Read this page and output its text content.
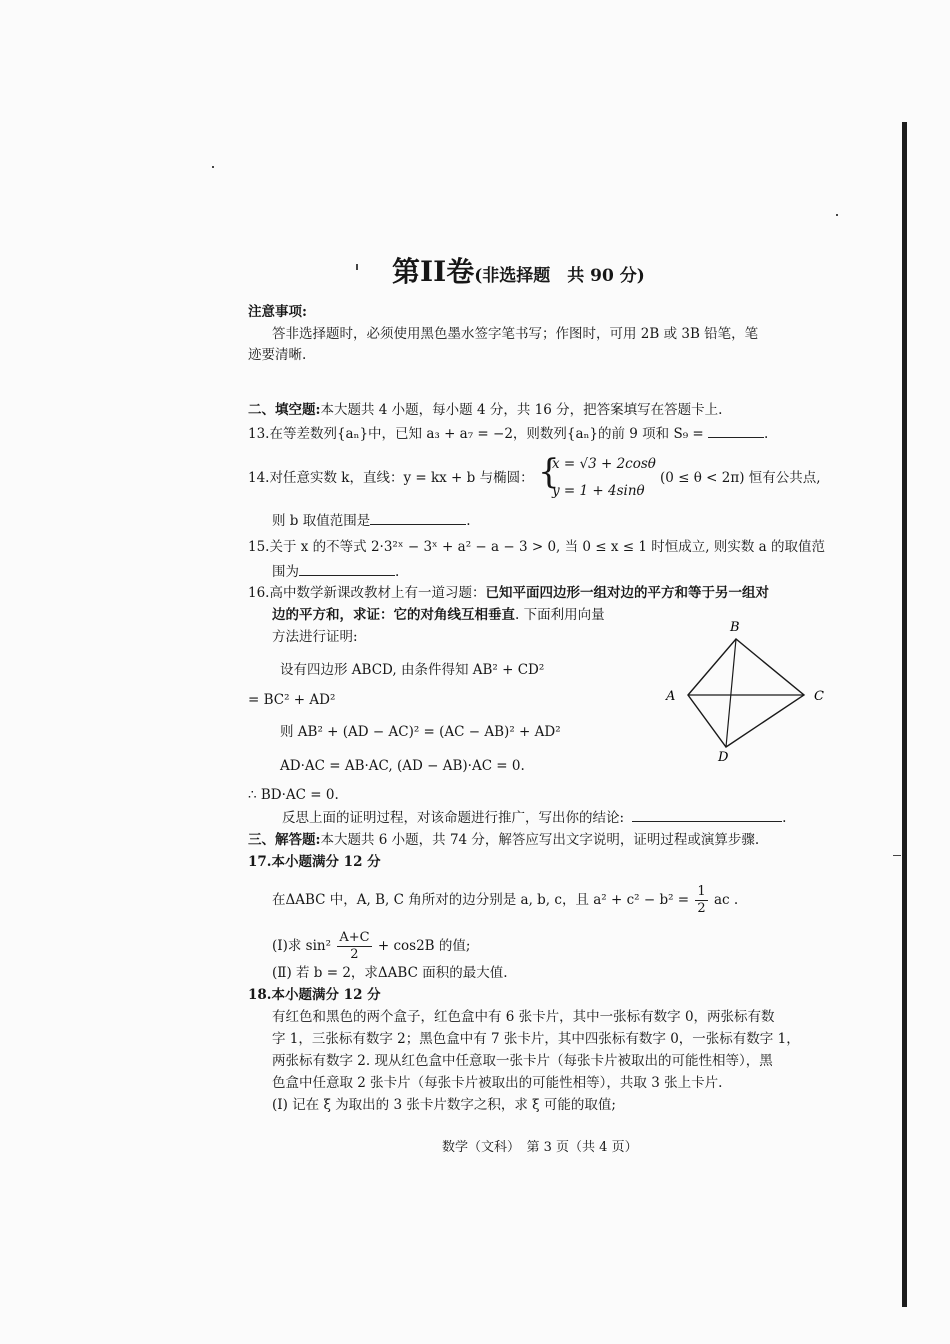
第II卷(非选择题　共 90 分)
注意事项:
答非选择题时，必须使用黑色墨水签字笔书写；作图时，可用 2B 或 3B 铅笔，笔
迹要清晰.
二、填空题:本大题共 4 小题，每小题 4 分，共 16 分，把答案填写在答题卡上.
13.在等差数列{aₙ}中，已知 a₃ + a₇ = −2，则数列{aₙ}的前 9 项和 S₉ =	.
14.对任意实数 k，直线：y = kx + b 与椭圆： {
x = √3 + 2cosθ
y = 1 + 4sinθ
(0 ≤ θ < 2π) 恒有公共点,
则 b 取值范围是	.
15.关于 x 的不等式 2·3²ˣ − 3ˣ + a² − a − 3 > 0, 当 0 ≤ x ≤ 1 时恒成立, 则实数 a 的取值范
围为	.
16.高中数学新课改教材上有一道习题：已知平面四边形一组对边的平方和等于另一组对
边的平方和，求证：它的对角线互相垂直. 下面利用向量
方法进行证明:
设有四边形 ABCD, 由条件得知 AB² + CD²
= BC² + AD²
则 AB² + (AD − AC)² = (AC − AB)² + AD²
AD·AC = AB·AC, (AD − AB)·AC = 0.
∴ BD·AC = 0.
B
A	C
D
反思上面的证明过程，对该命题进行推广，写出你的结论:	.
三、解答题:本大题共 6 小题，共 74 分，解答应写出文字说明，证明过程或演算步骤.
17.本小题满分 12 分
在ΔABC 中，A, B, C 角所对的边分别是 a, b, c，且 $a^2 + c^2 - b^2 = \frac{1}{2}$ ac .
(Ⅰ)求 $\sin^2 \frac{A+C}{2} + \cos 2B$ 的值;
(Ⅱ) 若 b = 2，求ΔABC 面积的最大值.
18.本小题满分 12 分
有红色和黑色的两个盒子，红色盒中有 6 张卡片，其中一张标有数字 0，两张标有数
字 1，三张标有数字 2；黑色盒中有 7 张卡片，其中四张标有数字 0，一张标有数字 1，
两张标有数字 2. 现从红色盒中任意取一张卡片（每张卡片被取出的可能性相等），黑
色盒中任意取 2 张卡片（每张卡片被取出的可能性相等），共取 3 张上卡片.
(I) 记在 ξ 为取出的 3 张卡片数字之积，求 ξ 可能的取值;
数学（文科）　第 3 页（共 4 页）
